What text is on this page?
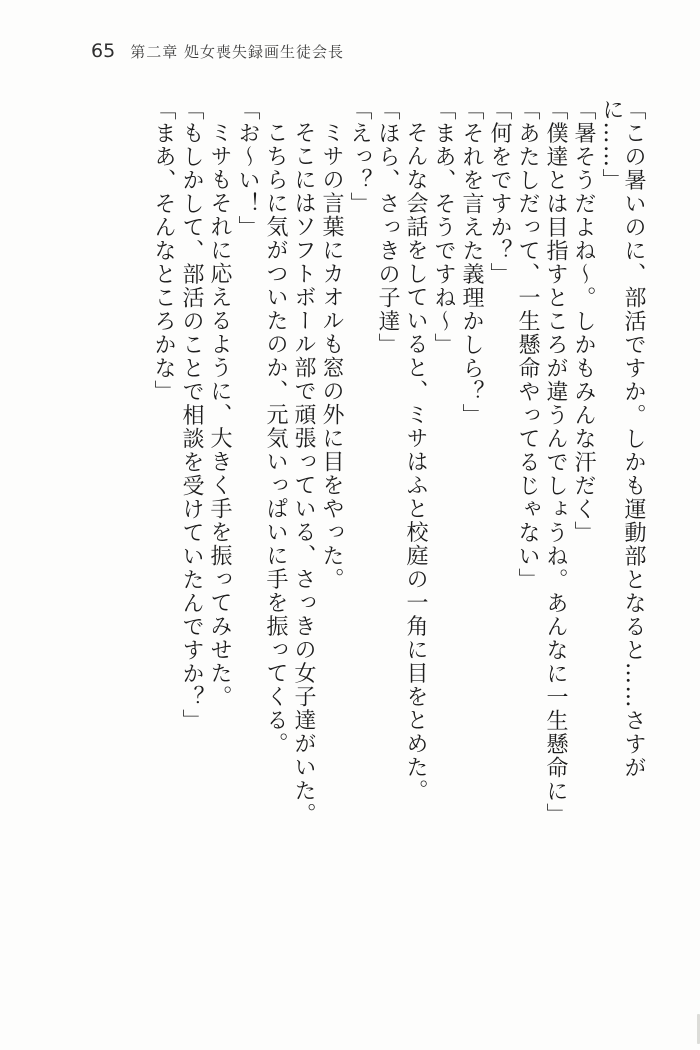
65 第二章 処女喪失録画生徒会長

「この暑いのに、部活ですか。しかも運動部となると……さすがに……」

「暑そうだよね～。しかもみんな汗だく」

「僕達とは目指すところが違うんでしょうね。あんなに一生懸命に」

「あたしだって、一生懸命やってるじゃない」

「何をですか？」

「それを言えた義理かしら？」

「まあ、そうですね～」

そんな会話をしていると、ミサはふと校庭の一角に目をとめた。

「ほら、さっきの子達」

「えっ？」

ミサの言葉にカオルも窓の外に目をやった。

そこにはソフトボール部で頑張っている、さっきの女子達がいた。

こちらに気がついたのか、元気いっぱいに手を振ってくる。

「お～い！」

ミサもそれに応えるように、大きく手を振ってみせた。

「もしかして、部活のことで相談を受けていたんですか？」

「まあ、そんなところかな」
